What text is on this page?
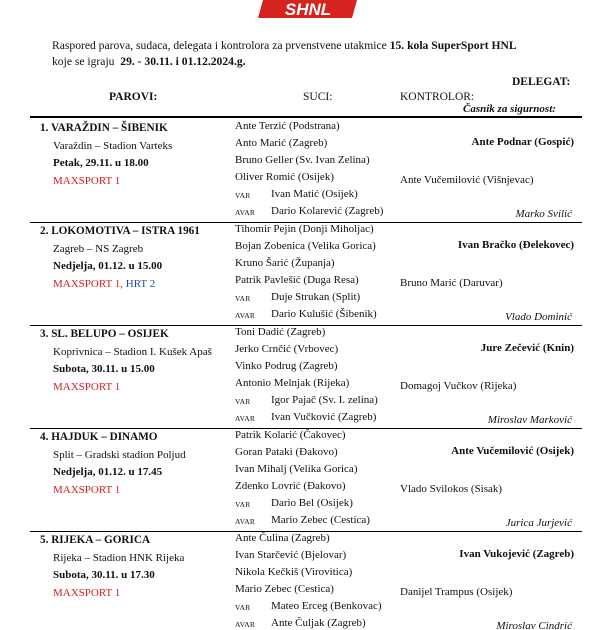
SHNL
Raspored parova, sudaca, delegata i kontrolora za prvenstvene utakmice 15. kola SuperSport HNL
koje se igraju 29. - 30.11. i 01.12.2024.g.
DELEGAT:
PAROVI:	SUCI:	KONTROLOR:
Časnik za sigurnost:
1. VARAŽDIN – ŠIBENIK
Varaždin – Stadion Varteks
Petak, 29.11. u 18.00
MAXSPORT 1
Ante Terzić (Podstrana)
Anto Marić (Zagreb)
Bruno Geller (Sv. Ivan Zelina)
Oliver Romić (Osijek)
VAR Ivan Matić (Osijek)
AVAR Dario Kolarević (Zagreb)
Ante Podnar (Gospić)
Ante Vučemilović (Višnjevac)
Marko Svilić
2. LOKOMOTIVA – ISTRA 1961
Zagreb – NS Zagreb
Nedjelja, 01.12. u 15.00
MAXSPORT 1, HRT 2
Tihomir Pejin (Donji Miholjac)
Bojan Zobenica (Velika Gorica)
Kruno Šarić (Županja)
Patrik Pavlešić (Duga Resa)
VAR Duje Strukan (Split)
AVAR Dario Kulušić (Šibenik)
Ivan Bračko (Đelekovec)
Bruno Marić (Daruvar)
Vlado Dominić
3. SL. BELUPO – OSIJEK
Koprivnica – Stadion I. Kušek Apaš
Subota, 30.11. u 15.00
MAXSPORT 1
Toni Dadić (Zagreb)
Jerko Crnčić (Vrbovec)
Vinko Podrug (Zagreb)
Antonio Melnjak (Rijeka)
VAR Igor Pajač (Sv. I. zelina)
AVAR Ivan Vučković (Zagreb)
Jure Zečević (Knin)
Domagoj Vučkov (Rijeka)
Miroslav Marković
4. HAJDUK – DINAMO
Split – Gradski stadion Poljud
Nedjelja, 01.12. u 17.45
MAXSPORT 1
Patrik Kolarić (Čakovec)
Goran Pataki (Đakovo)
Ivan Mihalj (Velika Gorica)
Zdenko Lovrić (Đakovo)
VAR Dario Bel (Osijek)
AVAR Mario Zebec (Cestica)
Ante Vučemilović (Osijek)
Vlado Svilokos (Sisak)
Jurica Jurjević
5. RIJEKA – GORICA
Rijeka – Stadion HNK Rijeka
Subota, 30.11. u 17.30
MAXSPORT 1
Ante Čulina (Zagreb)
Ivan Starčević (Bjelovar)
Nikola Kečkiš (Virovitica)
Mario Zebec (Cestica)
VAR Mateo Erceg (Benkovac)
AVAR Ante Čuljak (Zagreb)
Ivan Vukojević (Zagreb)
Danijel Trampus (Osijek)
Miroslav Cindrić
